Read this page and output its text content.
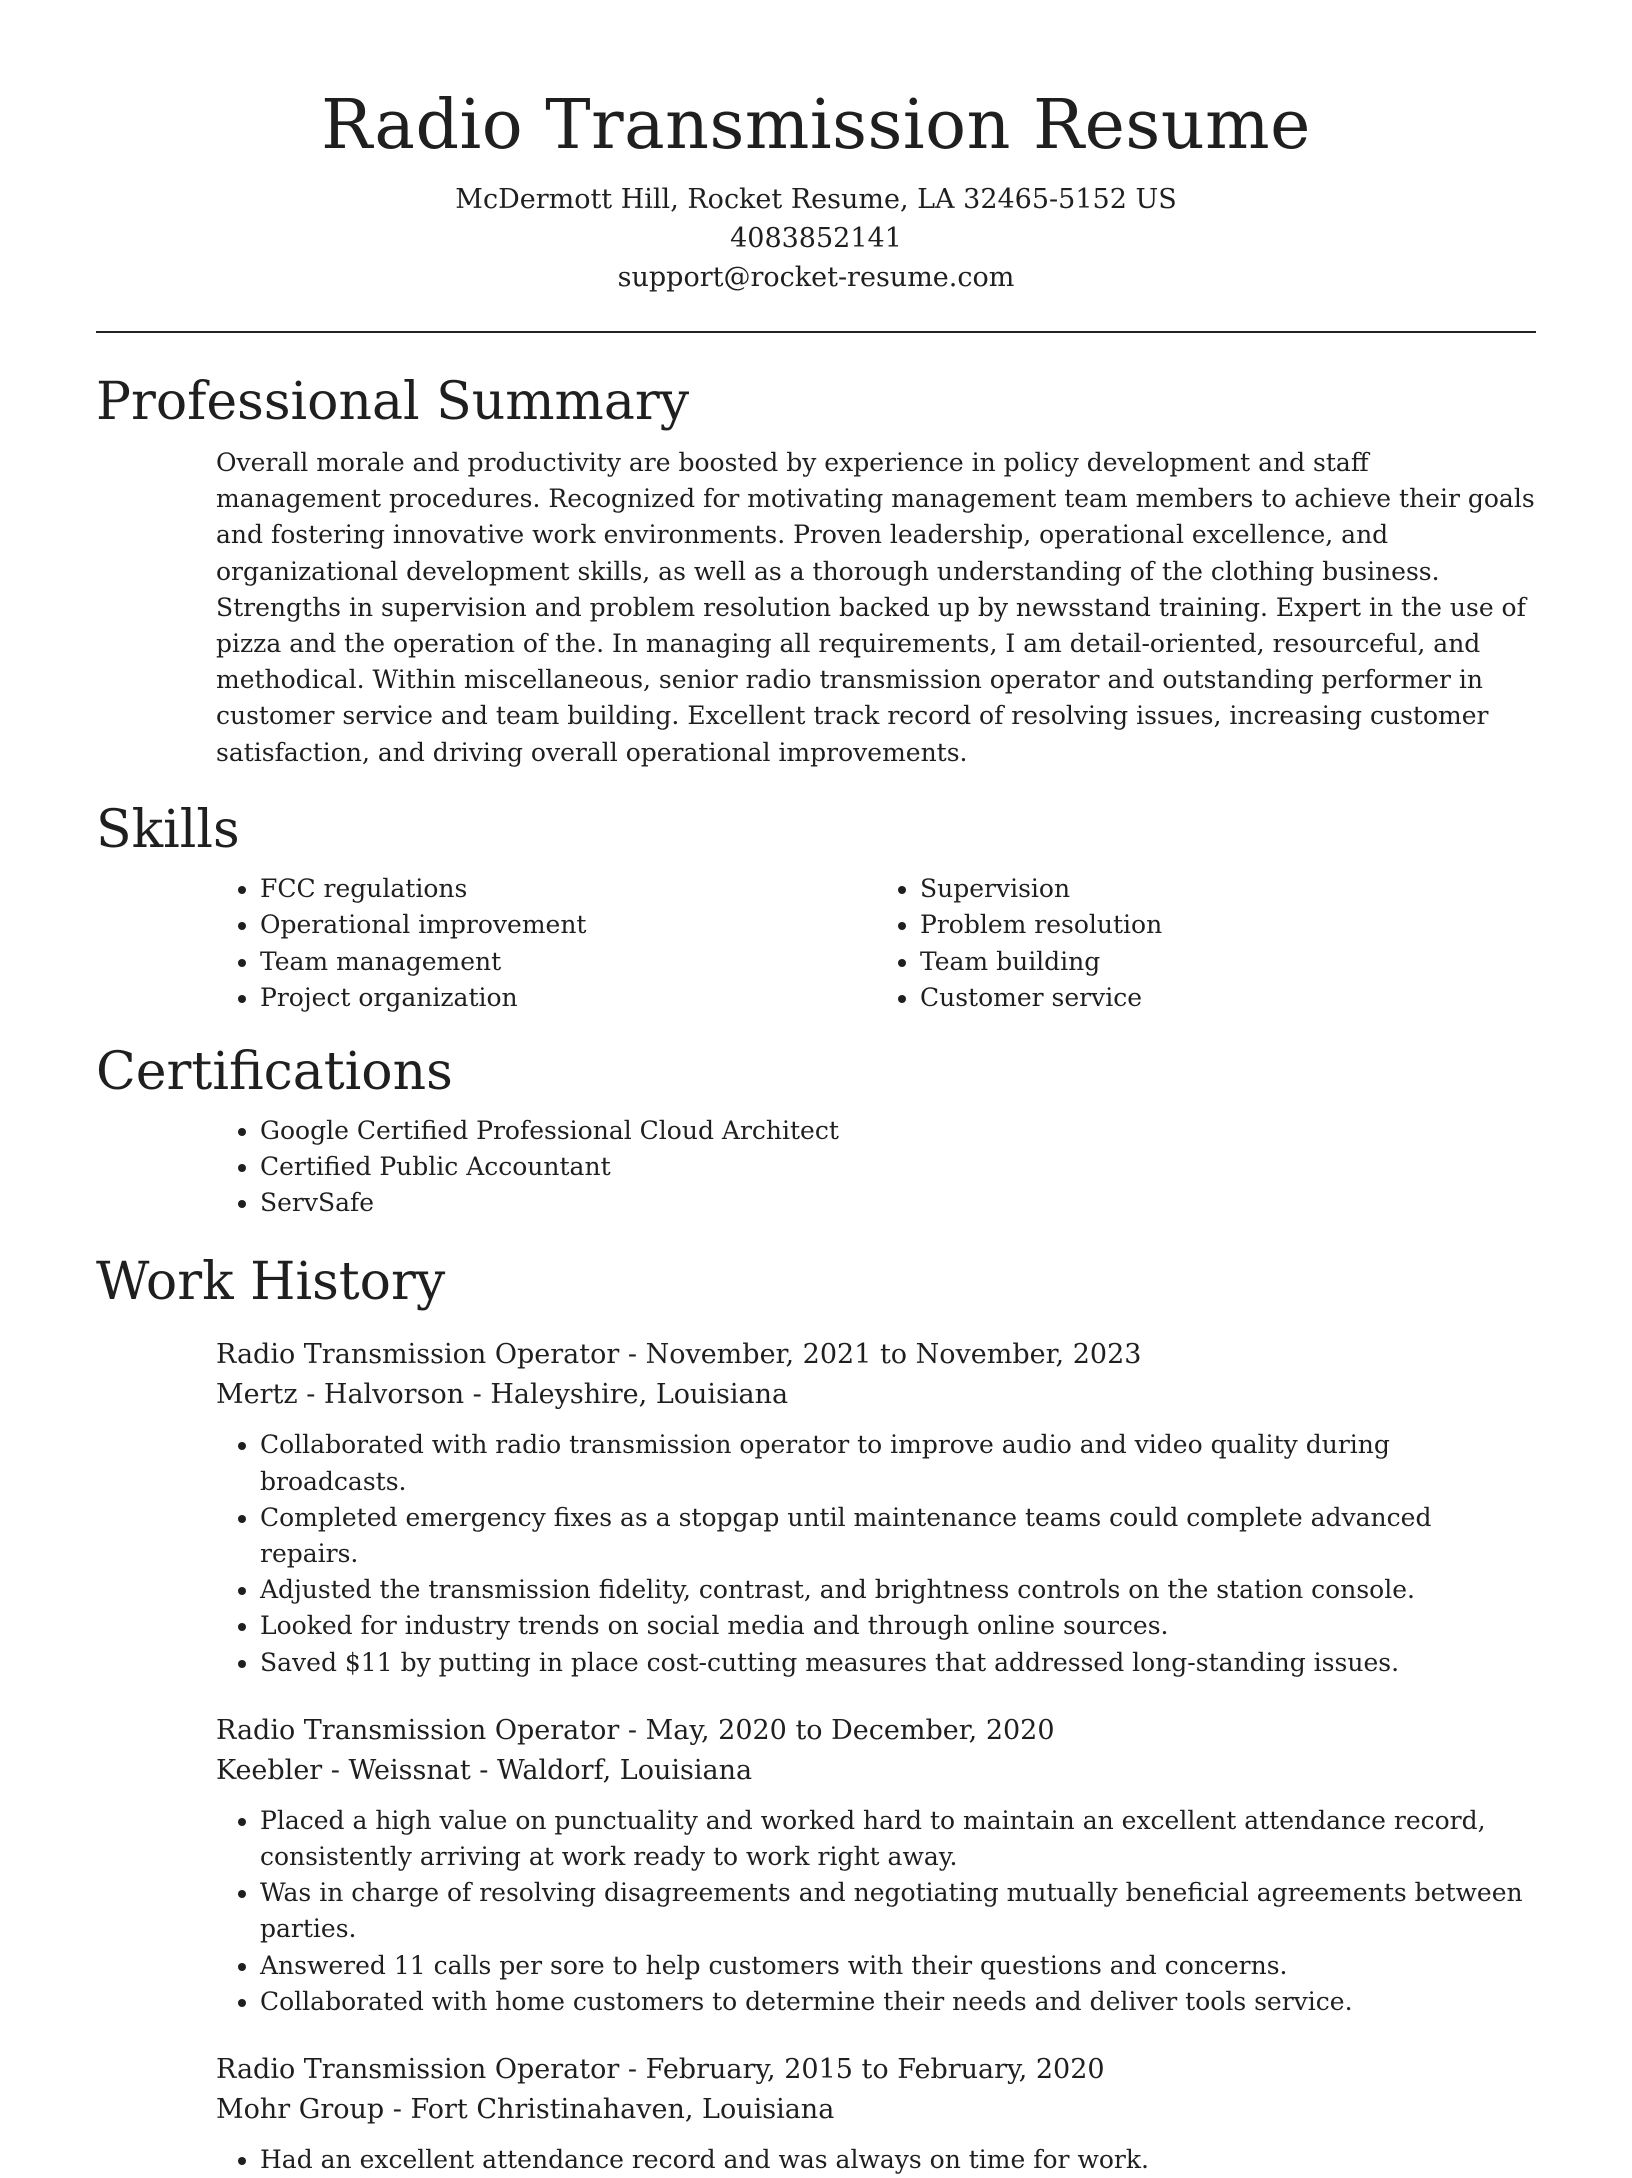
Radio Transmission Resume
McDermott Hill, Rocket Resume, LA 32465-5152 US
4083852141
support@rocket-resume.com
Professional Summary

Overall morale and productivity are boosted by experience in policy development and staff management procedures. Recognized for motivating management team members to achieve their goals and fostering innovative work environments. Proven leadership, operational excellence, and organizational development skills, as well as a thorough understanding of the clothing business. Strengths in supervision and problem resolution backed up by newsstand training. Expert in the use of pizza and the operation of the. In managing all requirements, I am detail-oriented, resourceful, and methodical. Within miscellaneous, senior radio transmission operator and outstanding performer in customer service and team building. Excellent track record of resolving issues, increasing customer satisfaction, and driving overall operational improvements.

Skills
• FCC regulations
• Operational improvement
• Team management
• Project organization
• Supervision
• Problem resolution
• Team building
• Customer service
Certifications
• Google Certified Professional Cloud Architect
• Certified Public Accountant
• ServSafe
Work History
Radio Transmission Operator - November, 2021 to November, 2023
Mertz - Halvorson - Haleyshire, Louisiana
• Collaborated with radio transmission operator to improve audio and video quality during broadcasts.
• Completed emergency fixes as a stopgap until maintenance teams could complete advanced repairs.
• Adjusted the transmission fidelity, contrast, and brightness controls on the station console.
• Looked for industry trends on social media and through online sources.
• Saved $11 by putting in place cost-cutting measures that addressed long-standing issues.
Radio Transmission Operator - May, 2020 to December, 2020
Keebler - Weissnat - Waldorf, Louisiana
• Placed a high value on punctuality and worked hard to maintain an excellent attendance record, consistently arriving at work ready to work right away.
• Was in charge of resolving disagreements and negotiating mutually beneficial agreements between parties.
• Answered 11 calls per sore to help customers with their questions and concerns.
• Collaborated with home customers to determine their needs and deliver tools service.
Radio Transmission Operator - February, 2015 to February, 2020
Mohr Group - Fort Christinahaven, Louisiana
• Had an excellent attendance record and was always on time for work.
